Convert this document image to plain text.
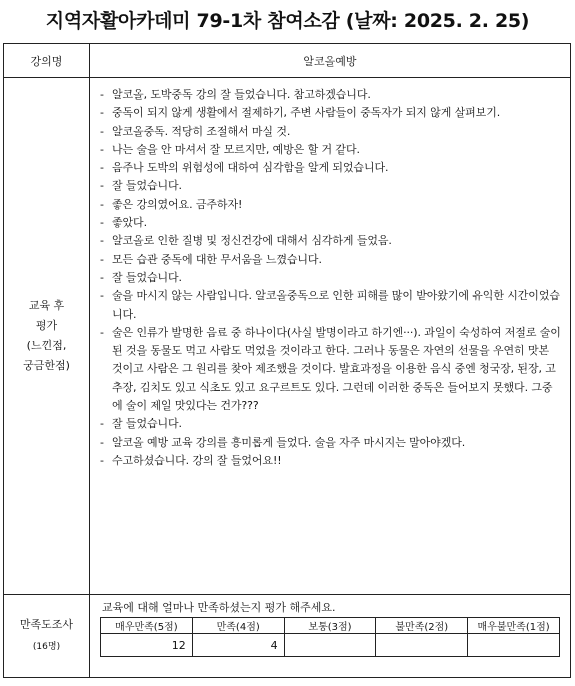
지역자활아카데미 79-1차 참여소감 (날짜: 2025. 2. 25)
강의명	알코올예방

교육 후
평가
(느낀점,
궁금한점)

- 알코올, 도박중독 강의 잘 들었습니다. 참고하겠습니다.
- 중독이 되지 않게 생활에서 절제하기, 주변 사람들이 중독자가 되지 않게 살펴보기.
- 알코올중독. 적당히 조절해서 마실 것.
- 나는 술을 안 마셔서 잘 모르지만, 예방은 할 거 같다.
- 음주나 도박의 위험성에 대하여 심각함을 알게 되었습니다.
- 잘 들었습니다.
- 좋은 강의였어요. 금주하자!
- 좋았다.
- 알코올로 인한 질병 및 정신건강에 대해서 심각하게 들었음.
- 모든 습관 중독에 대한 무서움을 느꼈습니다.
- 잘 들었습니다.
- 술을 마시지 않는 사람입니다. 알코올중독으로 인한 피해를 많이 받아왔기에 유익한 시간이었습니다.
- 술은 인류가 발명한 음료 중 하나이다(사실 발명이라고 하기엔···). 과일이 숙성하여 저절로 술이 된 것을 동물도 먹고 사람도 먹었을 것이라고 한다. 그러나 동물은 자연의 선물을 우연히 맛본 것이고 사람은 그 원리를 찾아 제조했을 것이다. 발효과정을 이용한 음식 중엔 청국장, 된장, 고추장, 김치도 있고 식초도 있고 요구르트도 있다. 그런데 이러한 중독은 들어보지 못했다. 그중에 술이 제일 맛있다는 건가???
- 잘 들었습니다.
- 알코올 예방 교육 강의를 흥미롭게 들었다. 술을 자주 마시지는 말아야겠다.
- 수고하셨습니다. 강의 잘 들었어요!!

만족도조사
(16명)

교육에 대해 얼마나 만족하셨는지 평가 해주세요.
매우만족(5점)	만족(4점)	보통(3점)	불만족(2점)	매우불만족(1점)
12	4			
